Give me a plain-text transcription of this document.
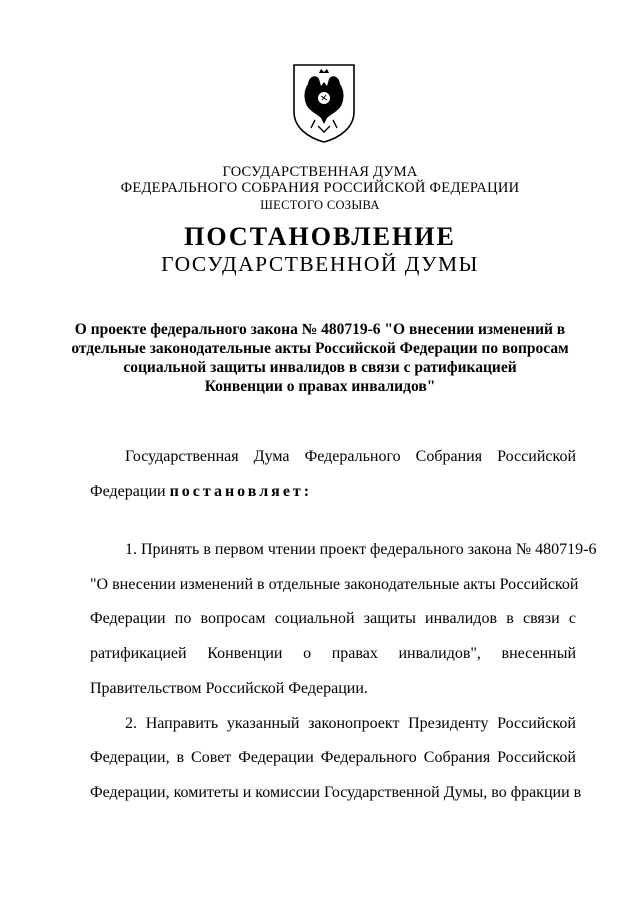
ГОСУДАРСТВЕННАЯ ДУМА
ФЕДЕРАЛЬНОГО СОБРАНИЯ РОССИЙСКОЙ ФЕДЕРАЦИИ
ШЕСТОГО СОЗЫВА
ПОСТАНОВЛЕНИЕ
ГОСУДАРСТВЕННОЙ ДУМЫ
О проекте федерального закона № 480719-6 "О внесении изменений в
отдельные законодательные акты Российской Федерации по вопросам
социальной защиты инвалидов в связи с ратификацией
Конвенции о правах инвалидов"
Государственная Дума Федерального Собрания Российской
Федерации постановляет:
1. Принять в первом чтении проект федерального закона № 480719-6
"О внесении изменений в отдельные законодательные акты Российской
Федерации по вопросам социальной защиты инвалидов в связи с
ратификацией Конвенции о правах инвалидов", внесенный
Правительством Российской Федерации.
2. Направить указанный законопроект Президенту Российской
Федерации, в Совет Федерации Федерального Собрания Российской
Федерации, комитеты и комиссии Государственной Думы, во фракции в
